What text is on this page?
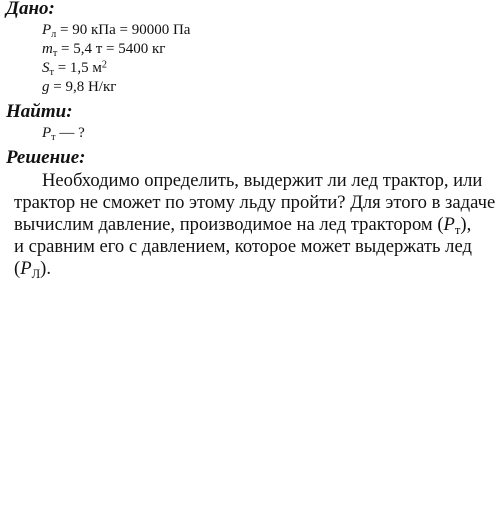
Дано:
$P_л = 90$ кПа = 90000 Па
$m_т = 5,4$ т = 5400 кг
$S_т = 1,5$ $м^2$
g = 9,8 Н/кг
Найти:
$P_т$ — ?
Решение:
Необходимо определить, выдержит ли лед трактор, или
трактор не сможет по этому льду пройти? Для этого в задаче
вычислим давление, производимое на лед трактором $(P_т)$,
и сравним его с давлением, которое может выдержать лед
$(P_Л)$.
